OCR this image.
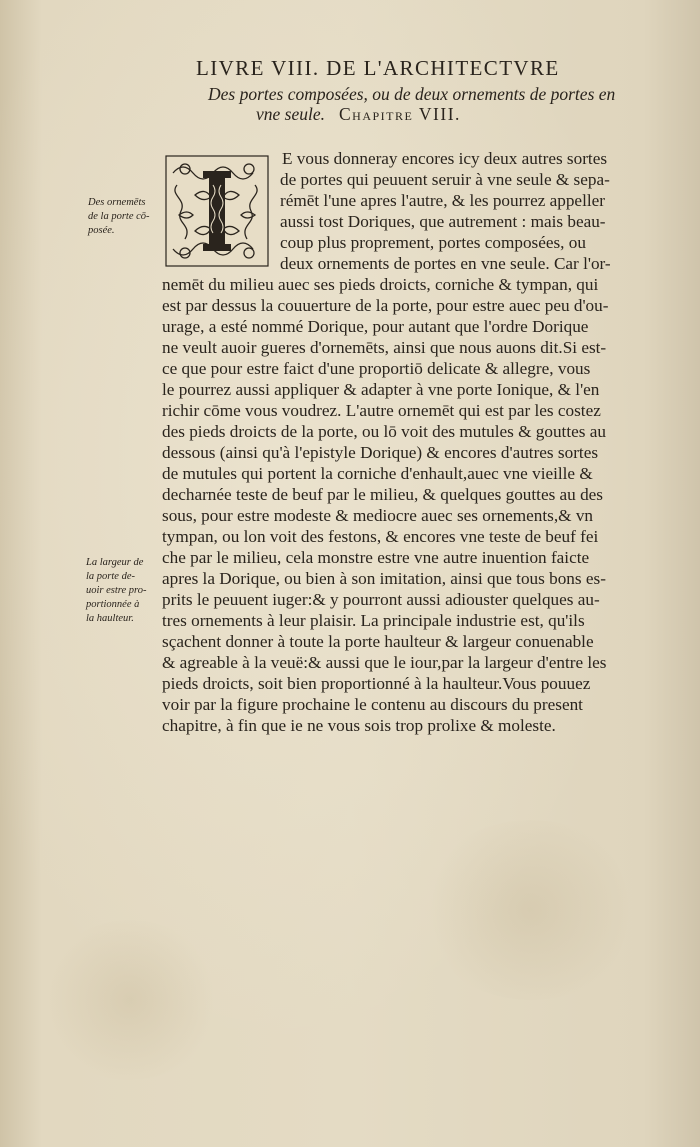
LIVRE VIII. DE L'ARCHITECTVRE
Des portes composées, ou de deux ornements de portes en
vne seule. Chapitre VIII.
E vous donneray encores icy deux autres sortes
de portes qui peuuent seruir à vne seule & sepa-
rémēt l'une apres l'autre, & les pourrez appeller
aussi tost Doriques, que autrement : mais beau-
coup plus proprement, portes composées, ou
deux ornements de portes en vne seule. Car l'or-
nemēt du milieu auec ses pieds droicts, corniche & tympan, qui
est par dessus la couuerture de la porte, pour estre auec peu d'ou-
urage, a esté nommé Dorique, pour autant que l'ordre Dorique
ne veult auoir gueres d'ornemēts, ainsi que nous auons dit.Si est-
ce que pour estre faict d'une proportiō delicate & allegre, vous
le pourrez aussi appliquer & adapter à vne porte Ionique, & l'en
richir cōme vous voudrez. L'autre ornemēt qui est par les costez
des pieds droicts de la porte, ou lō voit des mutules & gouttes au
dessous (ainsi qu'à l'epistyle Dorique) & encores d'autres sortes
de mutules qui portent la corniche d'enhault,auec vne vieille &
decharnée teste de beuf par le milieu, & quelques gouttes au des
sous, pour estre modeste & mediocre auec ses ornements,& vn
tympan, ou lon voit des festons, & encores vne teste de beuf fei
che par le milieu, cela monstre estre vne autre inuention faicte
apres la Dorique, ou bien à son imitation, ainsi que tous bons es-
prits le peuuent iuger:& y pourront aussi adiouster quelques au-
tres ornements à leur plaisir. La principale industrie est, qu'ils
sçachent donner à toute la porte haulteur & largeur conuenable
& agreable à la veuë:& aussi que le iour,par la largeur d'entre les
pieds droicts, soit bien proportionné à la haulteur.Vous pouuez
voir par la figure prochaine le contenu au discours du present
chapitre, à fin que ie ne vous sois trop prolixe & moleste.
Des ornemēts
de la porte cō-
posée.
La largeur de
la porte de-
uoir estre pro-
portionnée à
la haulteur.
